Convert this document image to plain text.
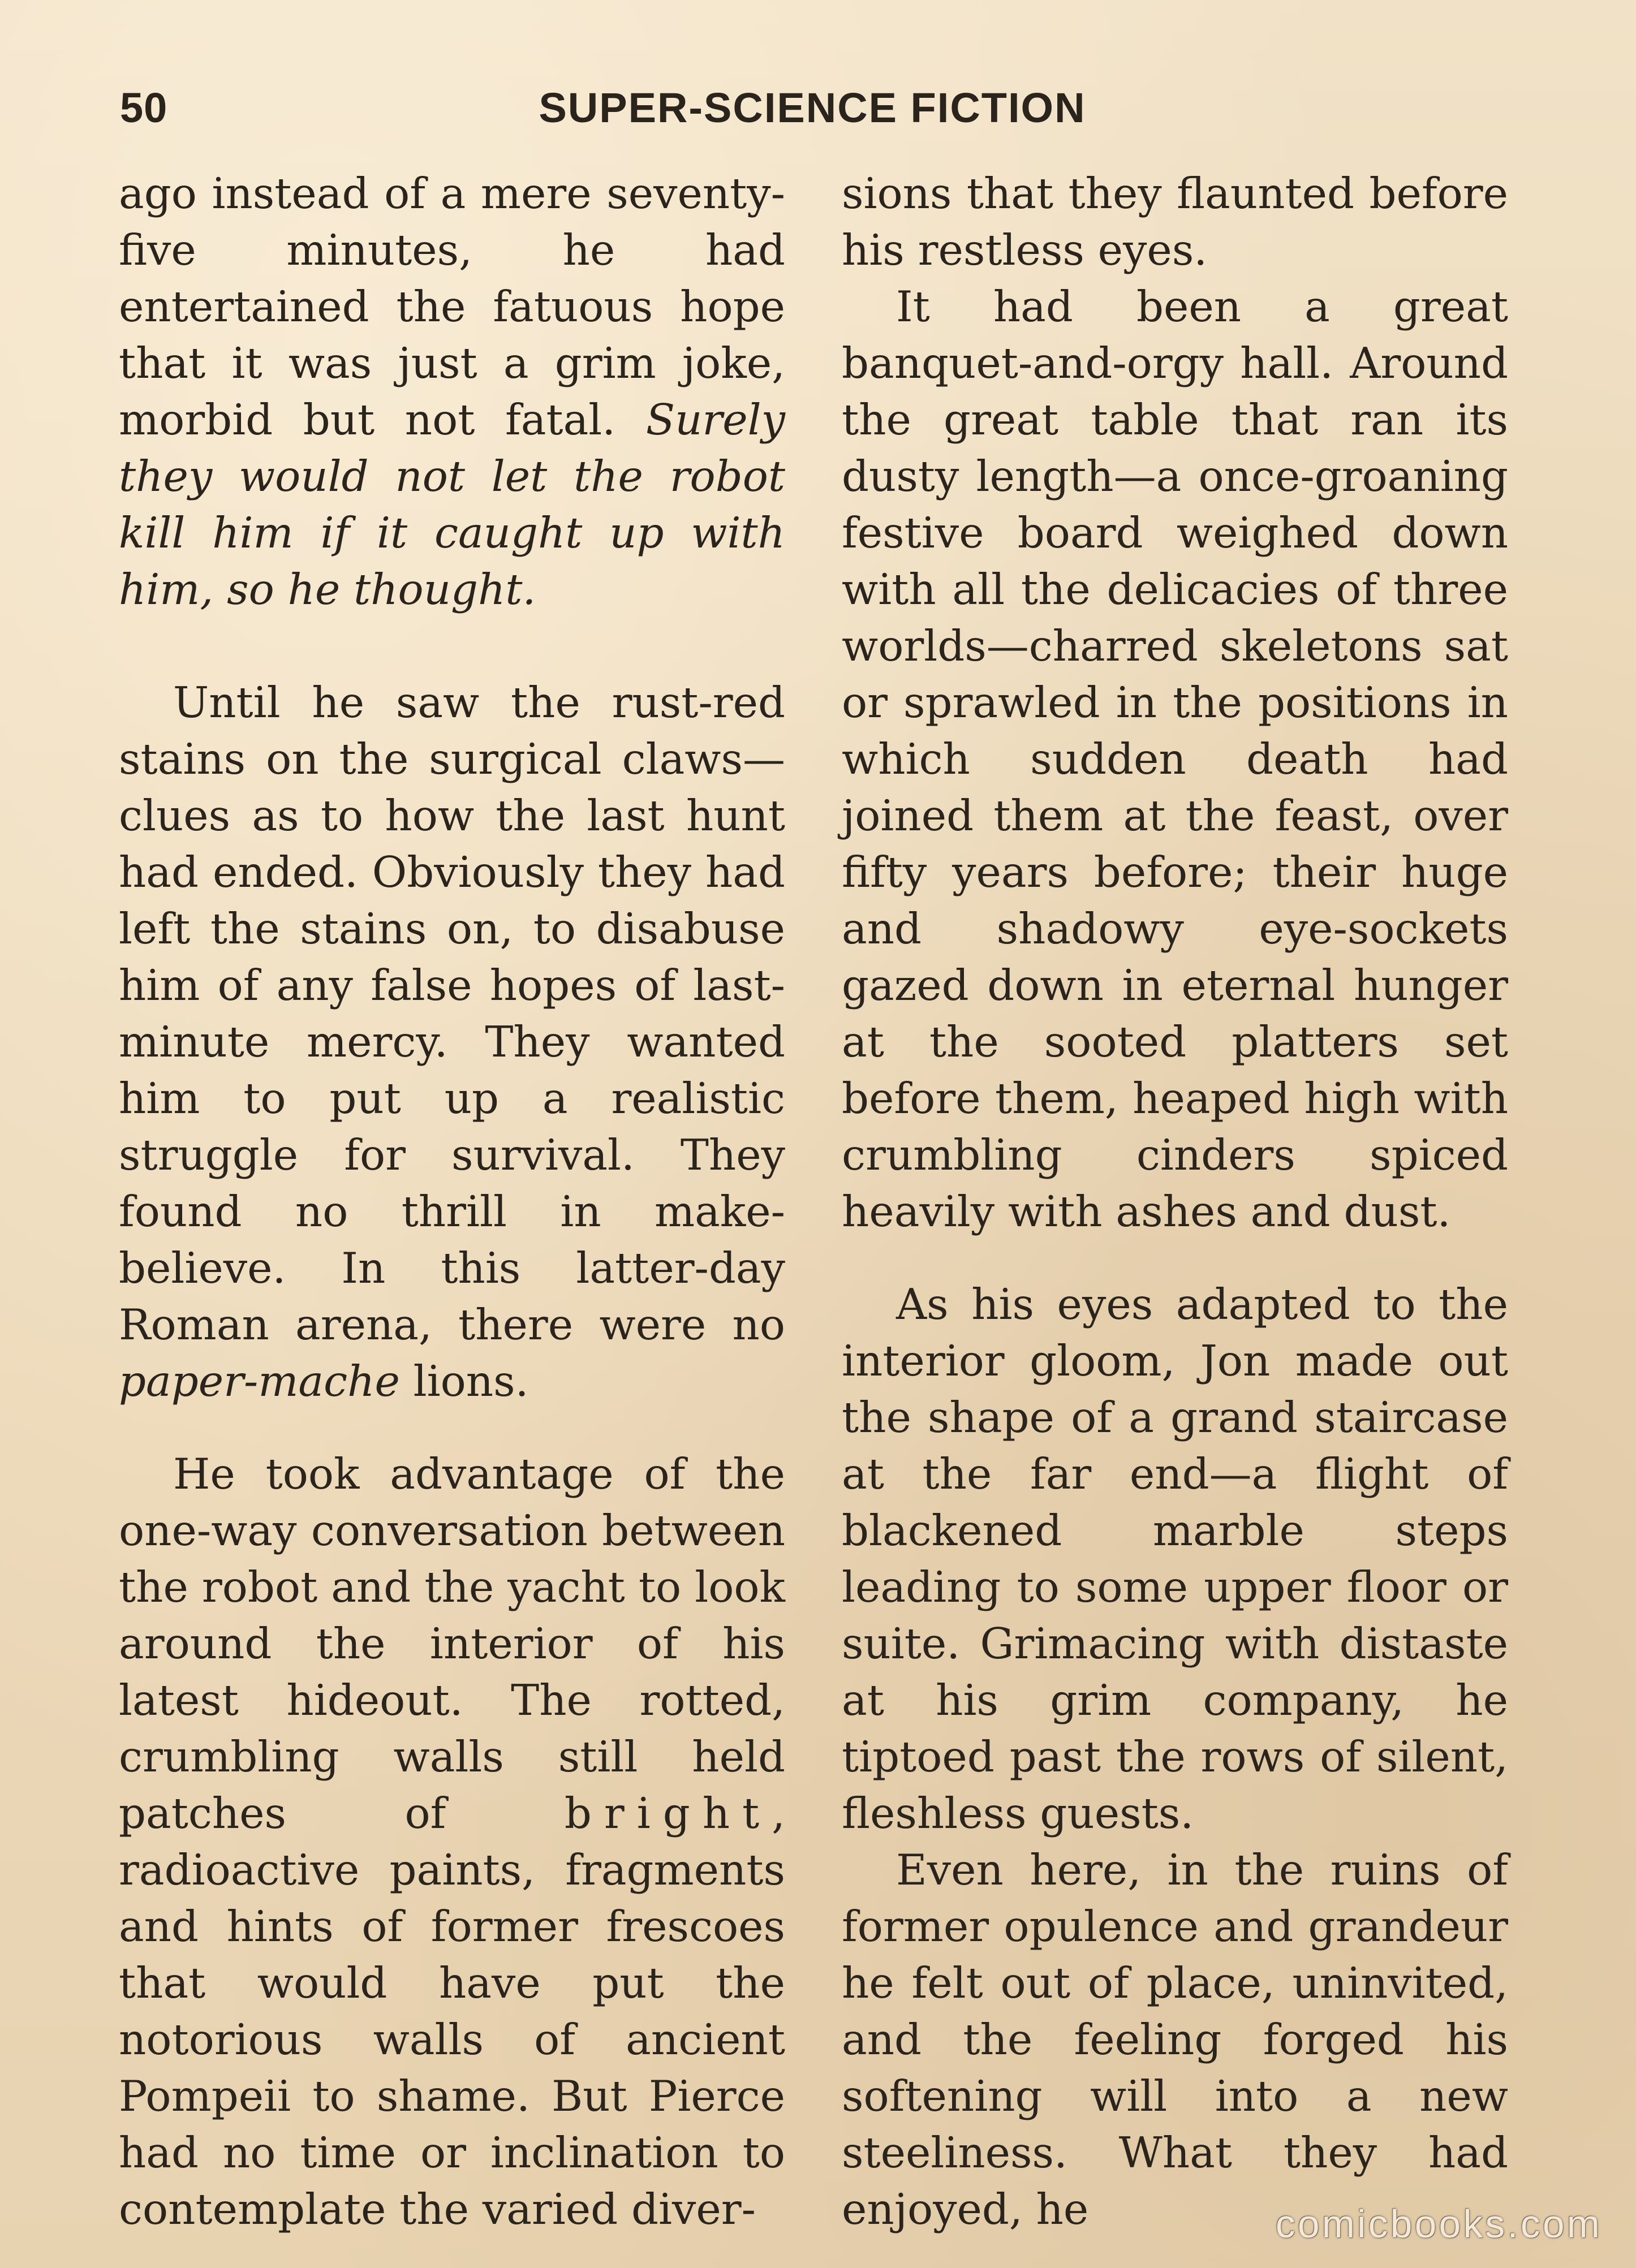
50	SUPER-SCIENCE FICTION

ago instead of a mere seventy-five minutes, he had entertained the fatuous hope that it was just a grim joke, morbid but not fatal. Surely they would not let the robot kill him if it caught up with him, so he thought.

Until he saw the rust-red stains on the surgical claws—clues as to how the last hunt had ended. Obviously they had left the stains on, to disabuse him of any false hopes of last-minute mercy. They wanted him to put up a realistic struggle for survival. They found no thrill in make-believe. In this latter-day Roman arena, there were no paper-mache lions.

He took advantage of the one-way conversation between the robot and the yacht to look around the interior of his latest hideout. The rotted, crumbling walls still held patches of bright, radioactive paints, fragments and hints of former frescoes that would have put the notorious walls of ancient Pompeii to shame. But Pierce had no time or inclination to contemplate the varied diver-

sions that they flaunted before his restless eyes.

It had been a great banquet-and-orgy hall. Around the great table that ran its dusty length—a once-groaning festive board weighed down with all the delicacies of three worlds—charred skeletons sat or sprawled in the positions in which sudden death had joined them at the feast, over fifty years before; their huge and shadowy eye-sockets gazed down in eternal hunger at the sooted platters set before them, heaped high with crumbling cinders spiced heavily with ashes and dust.

As his eyes adapted to the interior gloom, Jon made out the shape of a grand staircase at the far end—a flight of blackened marble steps leading to some upper floor or suite. Grimacing with distaste at his grim company, he tiptoed past the rows of silent, fleshless guests.

Even here, in the ruins of former opulence and grandeur he felt out of place, uninvited, and the feeling forged his softening will into a new steeliness. What they had enjoyed, he	comicbooks.com
